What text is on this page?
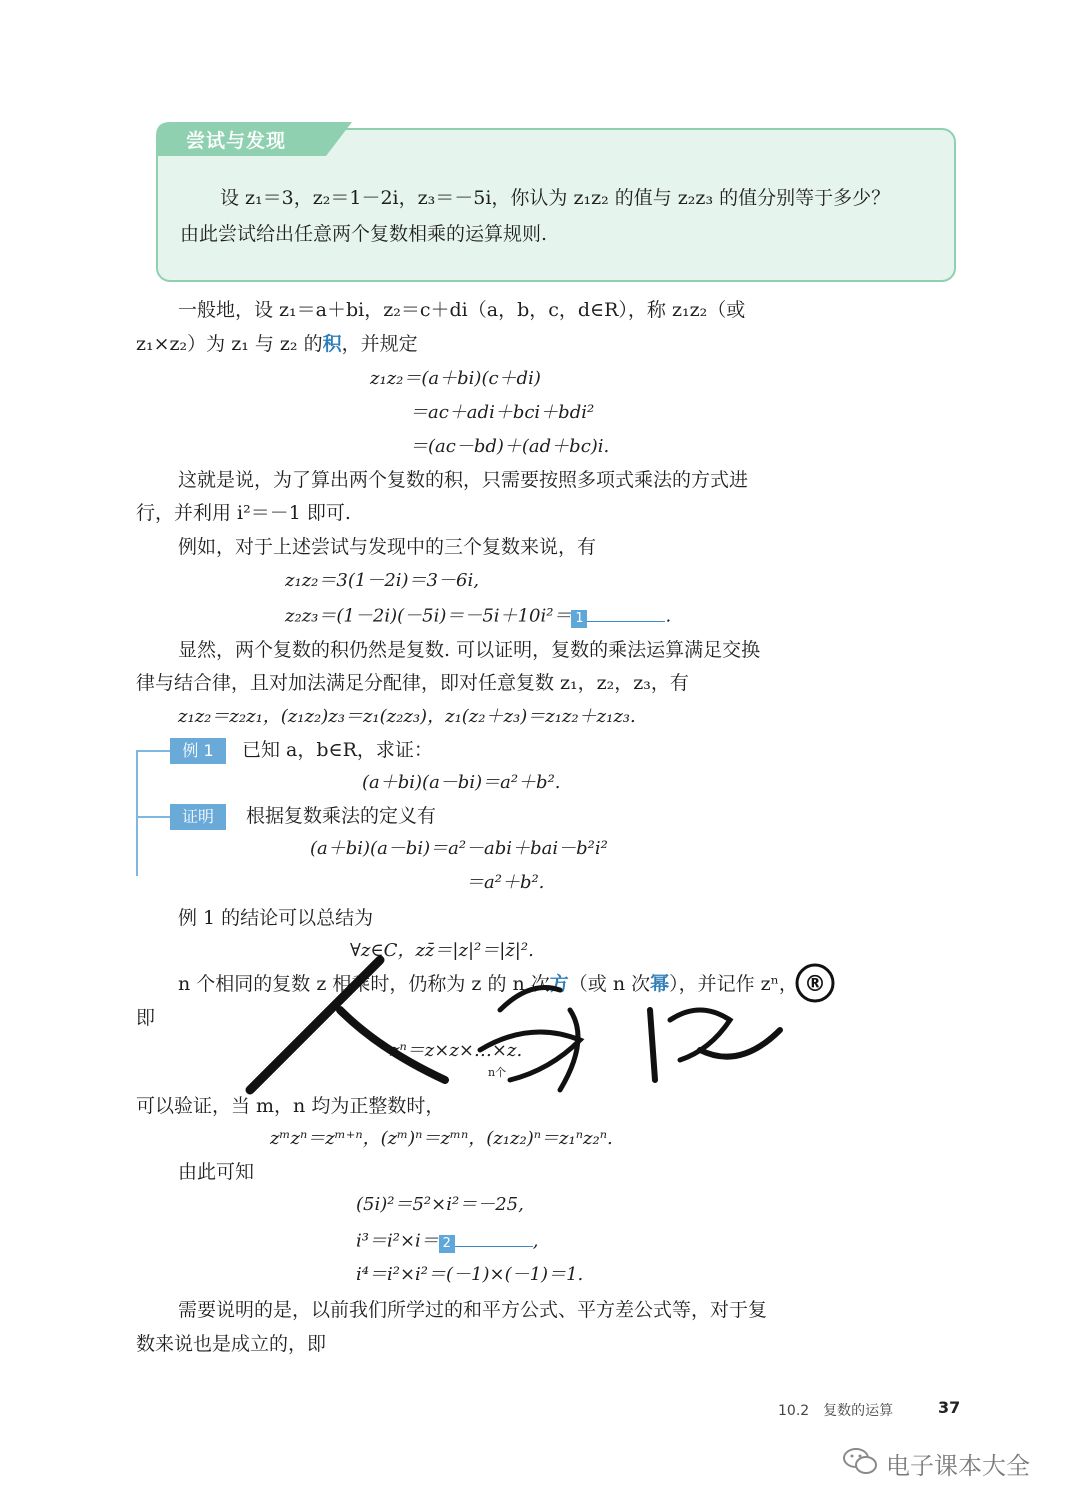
尝试与发现
设 z₁＝3，z₂＝1－2i，z₃＝－5i，你认为 z₁z₂ 的值与 z₂z₃ 的值分别等于多少？
由此尝试给出任意两个复数相乘的运算规则.
一般地，设 z₁＝a＋bi，z₂＝c＋di（a，b，c，d∈R），称 z₁z₂（或
z₁×z₂）为 z₁ 与 z₂ 的积，并规定
z₁z₂＝(a＋bi)(c＋di)
＝ac＋adi＋bci＋bdi²
＝(ac－bd)＋(ad＋bc)i.
这就是说，为了算出两个复数的积，只需要按照多项式乘法的方式进
行，并利用 i²＝－1 即可.
例如，对于上述尝试与发现中的三个复数来说，有
z₁z₂＝3(1－2i)＝3－6i,
z₂z₃＝(1－2i)(－5i)＝－5i＋10i²＝ 1	.
显然，两个复数的积仍然是复数. 可以证明，复数的乘法运算满足交换
律与结合律，且对加法满足分配律，即对任意复数 z₁，z₂，z₃，有
z₁z₂＝z₂z₁，(z₁z₂)z₃＝z₁(z₂z₃)，z₁(z₂＋z₃)＝z₁z₂＋z₁z₃.
例 1	已知 a，b∈R，求证：
(a＋bi)(a－bi)＝a²＋b².
证明	根据复数乘法的定义有
(a＋bi)(a－bi)＝a²－abi＋bai－b²i²
＝a²＋b².
例 1 的结论可以总结为
∀z∈C，zz̄＝|z|²＝|z̄|².
n 个相同的复数 z 相乘时，仍称为 z 的 n 次方（或 n 次幂），并记作 zⁿ，
即
zⁿ＝z×z×…×z.
n个
可以验证，当 m，n 均为正整数时，
zᵐzⁿ＝zᵐ⁺ⁿ，(zᵐ)ⁿ＝zᵐⁿ，(z₁z₂)ⁿ＝z₁ⁿz₂ⁿ.
由此可知
(5i)²＝5²×i²＝－25,
i³＝i²×i＝ 2	,
i⁴＝i²×i²＝(－1)×(－1)＝1.
需要说明的是，以前我们所学过的和平方公式、平方差公式等，对于复
数来说也是成立的，即
®
10.2　复数的运算	37
电子课本大全
